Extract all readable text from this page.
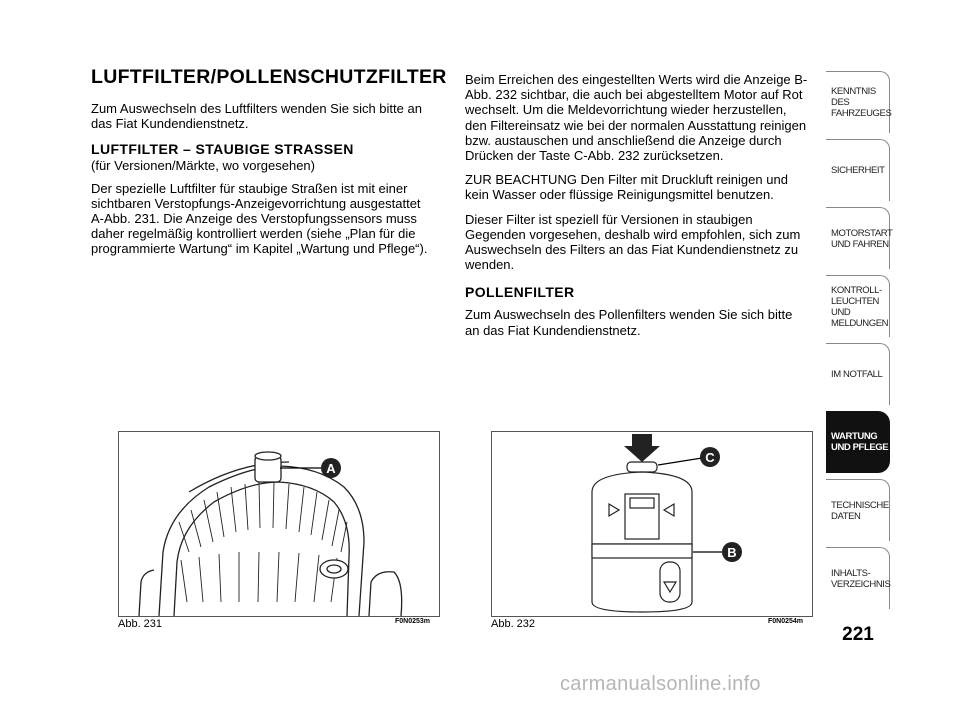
LUFTFILTER/POLLENSCHUTZFILTER

Zum Auswechseln des Luftfilters wenden Sie sich bitte an das Fiat Kundendienstnetz.

LUFTFILTER – STAUBIGE STRASSEN

(für Versionen/Märkte, wo vorgesehen)

Der spezielle Luftfilter für staubige Straßen ist mit einer sichtbaren Verstopfungs-Anzeigevorrichtung ausgestattet A-Abb. 231. Die Anzeige des Verstopfungssensors muss daher regelmäßig kontrolliert werden (siehe „Plan für die programmierte Wartung“ im Kapitel „Wartung und Pflege“).

Beim Erreichen des eingestellten Werts wird die Anzeige B-Abb. 232 sichtbar, die auch bei abgestelltem Motor auf Rot wechselt. Um die Meldevorrichtung wieder herzustellen, den Filtereinsatz wie bei der normalen Ausstattung reinigen bzw. austauschen und anschließend die Anzeige durch Drücken der Taste C-Abb. 232 zurücksetzen.

ZUR BEACHTUNG Den Filter mit Druckluft reinigen und kein Wasser oder flüssige Reinigungsmittel benutzen.

Dieser Filter ist speziell für Versionen in staubigen Gegenden vorgesehen, deshalb wird empfohlen, sich zum Auswechseln des Filters an das Fiat Kundendienstnetz zu wenden.

POLLENFILTER

Zum Auswechseln des Pollenfilters wenden Sie sich bitte an das Fiat Kundendienstnetz.

A
Abb. 231	F0N0253m
C
B
Abb. 232	F0N0254m
KENNTNIS
DES FAHRZEUGES
SICHERHEIT
MOTORSTART
UND FAHREN
KONTROLL-
LEUCHTEN
UND MELDUNGEN
IM NOTFALL
WARTUNG
UND PFLEGE
TECHNISCHE
DATEN
INHALTS-
VERZEICHNIS
221
carmanualsonline.info
